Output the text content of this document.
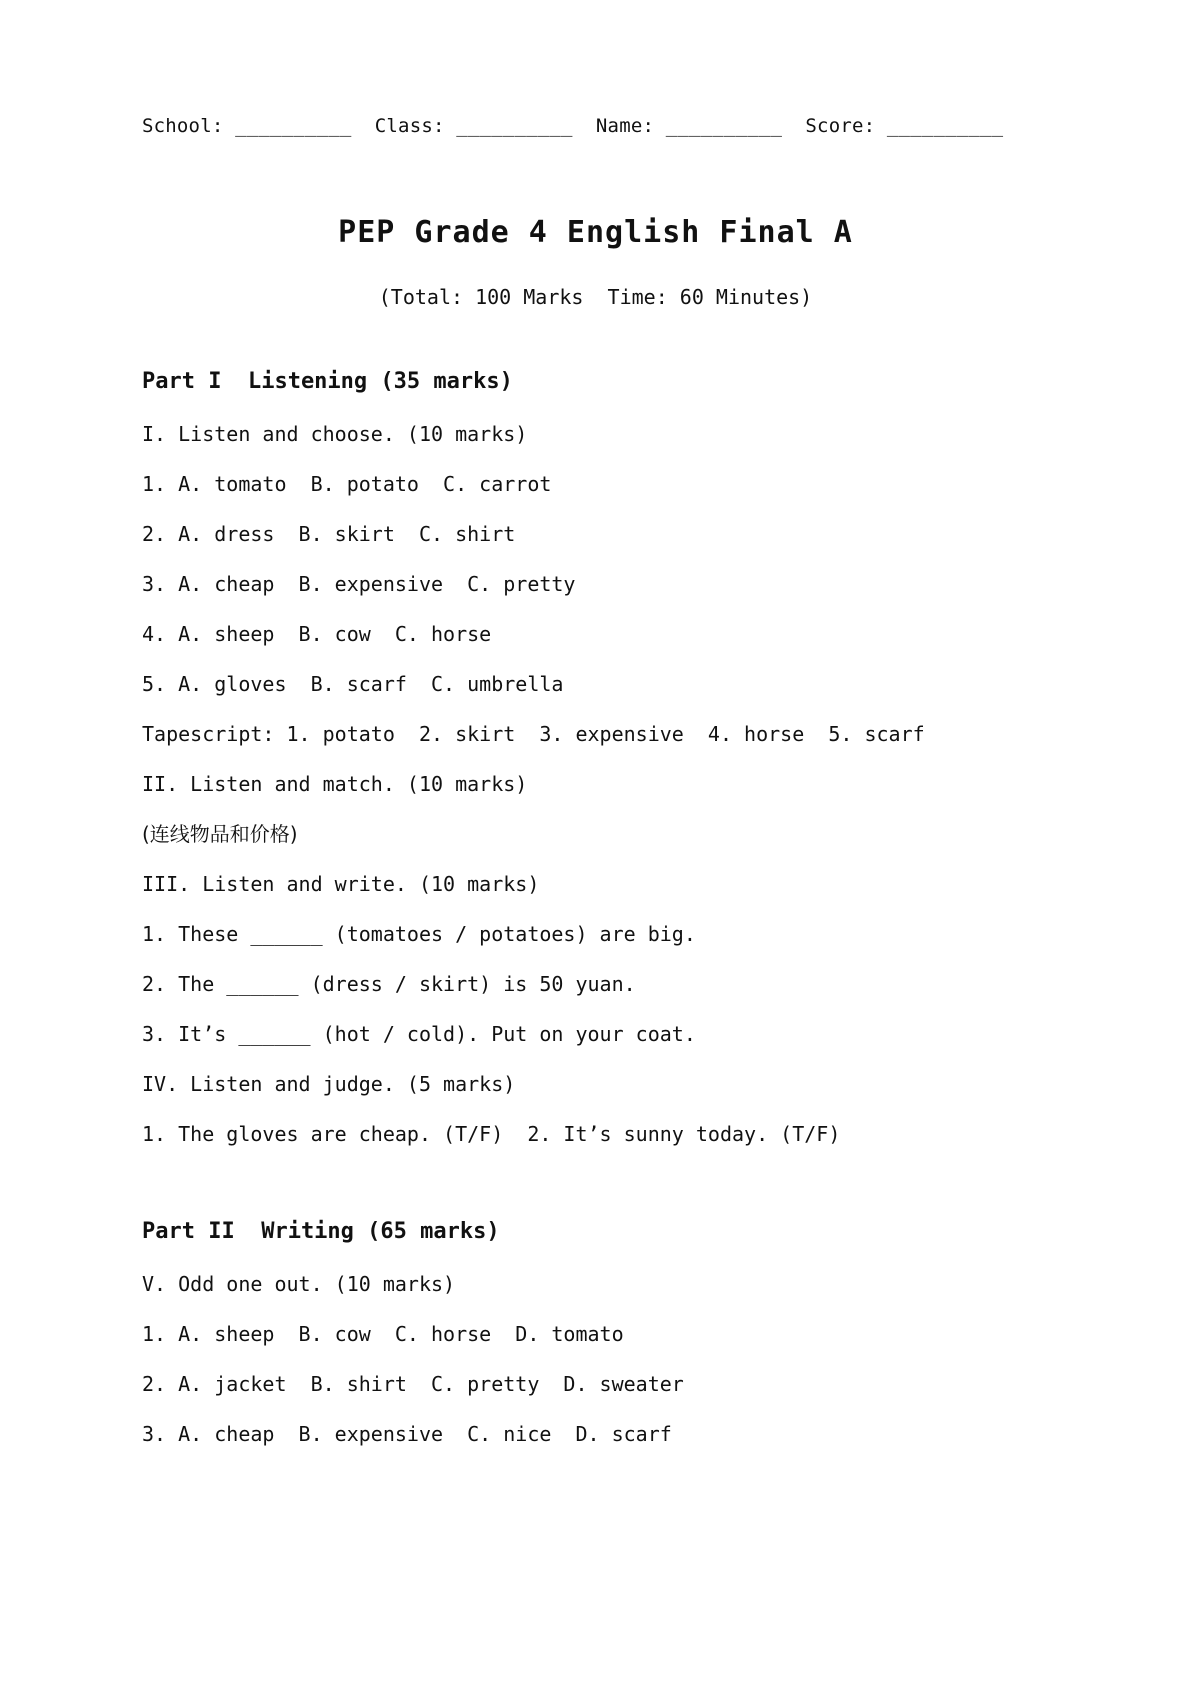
School: __________  Class: __________  Name: __________  Score: __________
PEP Grade 4 English Final A
(Total: 100 Marks  Time: 60 Minutes)
Part I  Listening (35 marks)
I. Listen and choose. (10 marks)
1. A. tomato  B. potato  C. carrot
2. A. dress  B. skirt  C. shirt
3. A. cheap  B. expensive  C. pretty
4. A. sheep  B. cow  C. horse
5. A. gloves  B. scarf  C. umbrella
Tapescript: 1. potato  2. skirt  3. expensive  4. horse  5. scarf
II. Listen and match. (10 marks)
(连线物品和价格)
III. Listen and write. (10 marks)
1. These ______ (tomatoes / potatoes) are big.
2. The ______ (dress / skirt) is 50 yuan.
3. It’s ______ (hot / cold). Put on your coat.
IV. Listen and judge. (5 marks)
1. The gloves are cheap. (T/F)  2. It’s sunny today. (T/F)
Part II  Writing (65 marks)
V. Odd one out. (10 marks)
1. A. sheep  B. cow  C. horse  D. tomato
2. A. jacket  B. shirt  C. pretty  D. sweater
3. A. cheap  B. expensive  C. nice  D. scarf
